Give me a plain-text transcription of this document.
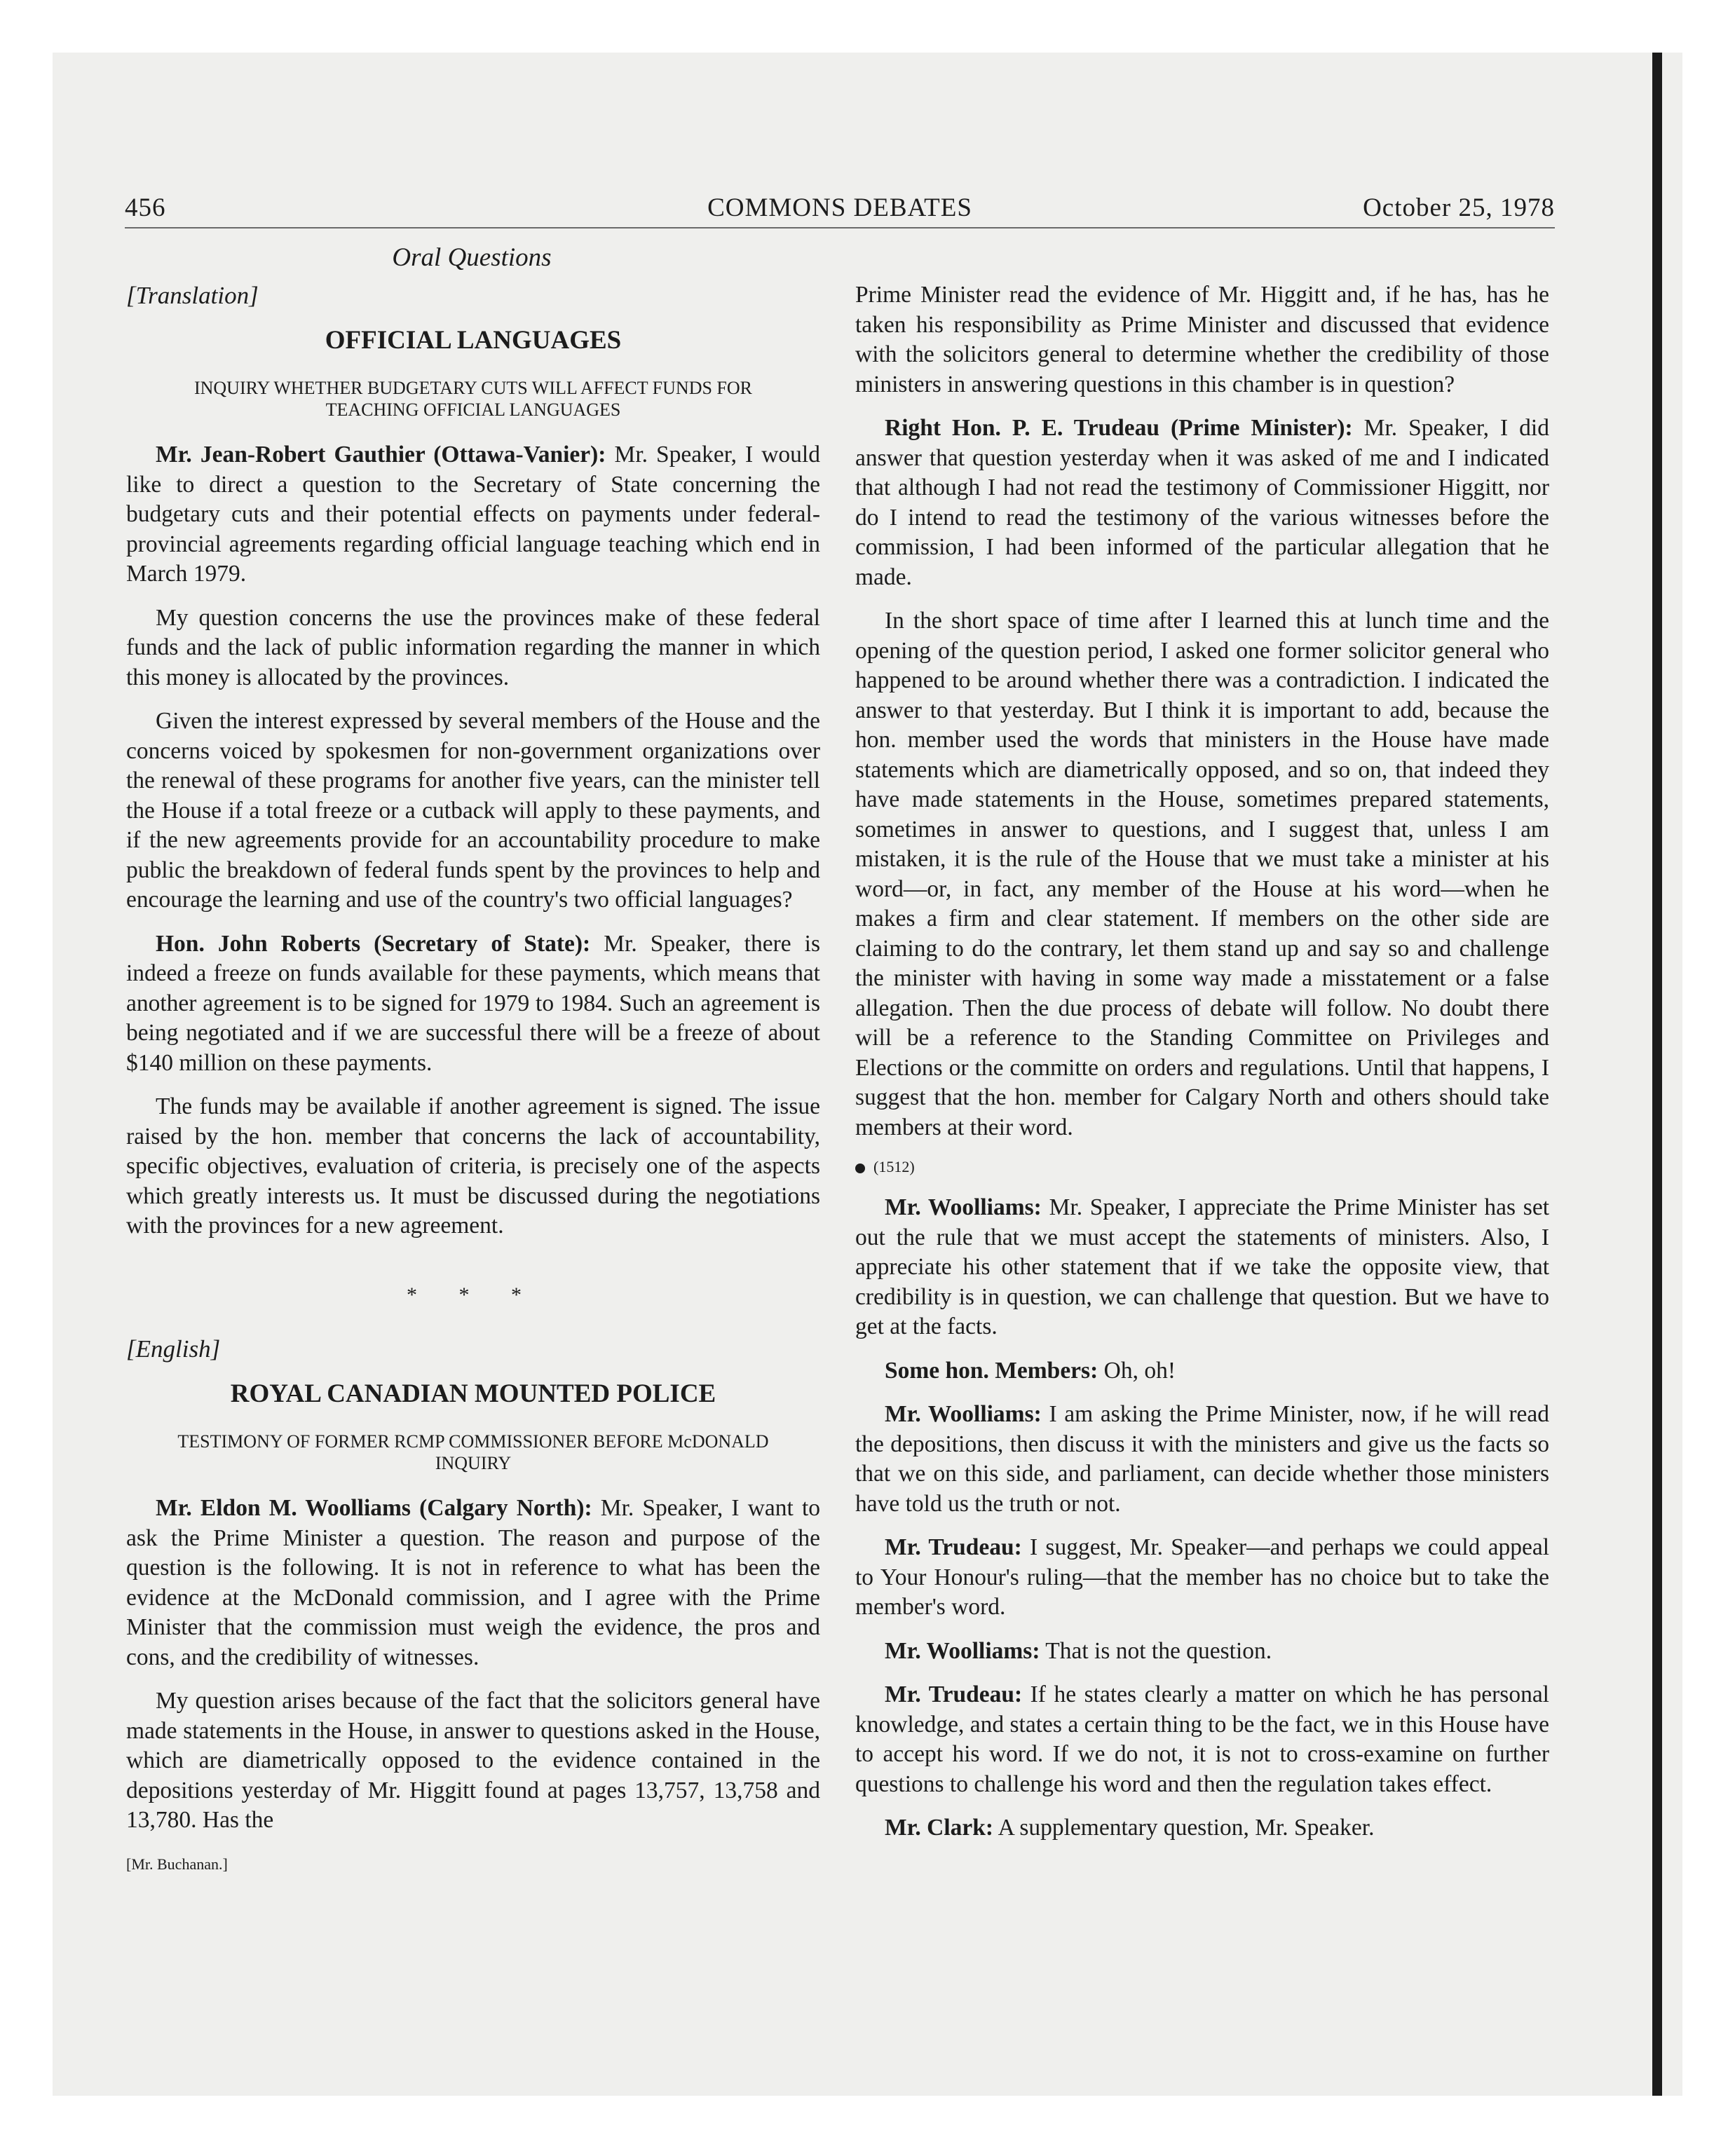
456	COMMONS DEBATES	October 25, 1978
Oral Questions

[Translation]

OFFICIAL LANGUAGES
INQUIRY WHETHER BUDGETARY CUTS WILL AFFECT FUNDS FOR TEACHING OFFICIAL LANGUAGES

Mr. Jean-Robert Gauthier (Ottawa-Vanier): Mr. Speaker, I would like to direct a question to the Secretary of State concerning the budgetary cuts and their potential effects on payments under federal-provincial agreements regarding official language teaching which end in March 1979.

My question concerns the use the provinces make of these federal funds and the lack of public information regarding the manner in which this money is allocated by the provinces.

Given the interest expressed by several members of the House and the concerns voiced by spokesmen for non-government organizations over the renewal of these programs for another five years, can the minister tell the House if a total freeze or a cutback will apply to these payments, and if the new agreements provide for an accountability procedure to make public the breakdown of federal funds spent by the provinces to help and encourage the learning and use of the country's two official languages?

Hon. John Roberts (Secretary of State): Mr. Speaker, there is indeed a freeze on funds available for these payments, which means that another agreement is to be signed for 1979 to 1984. Such an agreement is being negotiated and if we are successful there will be a freeze of about $140 million on these payments.

The funds may be available if another agreement is signed. The issue raised by the hon. member that concerns the lack of accountability, specific objectives, evaluation of criteria, is precisely one of the aspects which greatly interests us. It must be discussed during the negotiations with the provinces for a new agreement.

* * *

[English]

ROYAL CANADIAN MOUNTED POLICE
TESTIMONY OF FORMER RCMP COMMISSIONER BEFORE McDONALD INQUIRY

Mr. Eldon M. Woolliams (Calgary North): Mr. Speaker, I want to ask the Prime Minister a question. The reason and purpose of the question is the following. It is not in reference to what has been the evidence at the McDonald commission, and I agree with the Prime Minister that the commission must weigh the evidence, the pros and cons, and the credibility of witnesses.

My question arises because of the fact that the solicitors general have made statements in the House, in answer to questions asked in the House, which are diametrically opposed to the evidence contained in the depositions yesterday of Mr. Higgitt found at pages 13,757, 13,758 and 13,780. Has the

[Mr. Buchanan.]

Prime Minister read the evidence of Mr. Higgitt and, if he has, has he taken his responsibility as Prime Minister and discussed that evidence with the solicitors general to determine whether the credibility of those ministers in answering questions in this chamber is in question?

Right Hon. P. E. Trudeau (Prime Minister): Mr. Speaker, I did answer that question yesterday when it was asked of me and I indicated that although I had not read the testimony of Commissioner Higgitt, nor do I intend to read the testimony of the various witnesses before the commission, I had been informed of the particular allegation that he made.

In the short space of time after I learned this at lunch time and the opening of the question period, I asked one former solicitor general who happened to be around whether there was a contradiction. I indicated the answer to that yesterday. But I think it is important to add, because the hon. member used the words that ministers in the House have made statements which are diametrically opposed, and so on, that indeed they have made statements in the House, sometimes prepared statements, sometimes in answer to questions, and I suggest that, unless I am mistaken, it is the rule of the House that we must take a minister at his word—or, in fact, any member of the House at his word—when he makes a firm and clear statement. If members on the other side are claiming to do the contrary, let them stand up and say so and challenge the minister with having in some way made a misstatement or a false allegation. Then the due process of debate will follow. No doubt there will be a reference to the Standing Committee on Privileges and Elections or the committe on orders and regulations. Until that happens, I suggest that the hon. member for Calgary North and others should take members at their word.

(1512)

Mr. Woolliams: Mr. Speaker, I appreciate the Prime Minister has set out the rule that we must accept the statements of ministers. Also, I appreciate his other statement that if we take the opposite view, that credibility is in question, we can challenge that question. But we have to get at the facts.

Some hon. Members: Oh, oh!

Mr. Woolliams: I am asking the Prime Minister, now, if he will read the depositions, then discuss it with the ministers and give us the facts so that we on this side, and parliament, can decide whether those ministers have told us the truth or not.

Mr. Trudeau: I suggest, Mr. Speaker—and perhaps we could appeal to Your Honour's ruling—that the member has no choice but to take the member's word.

Mr. Woolliams: That is not the question.

Mr. Trudeau: If he states clearly a matter on which he has personal knowledge, and states a certain thing to be the fact, we in this House have to accept his word. If we do not, it is not to cross-examine on further questions to challenge his word and then the regulation takes effect.

Mr. Clark: A supplementary question, Mr. Speaker.
